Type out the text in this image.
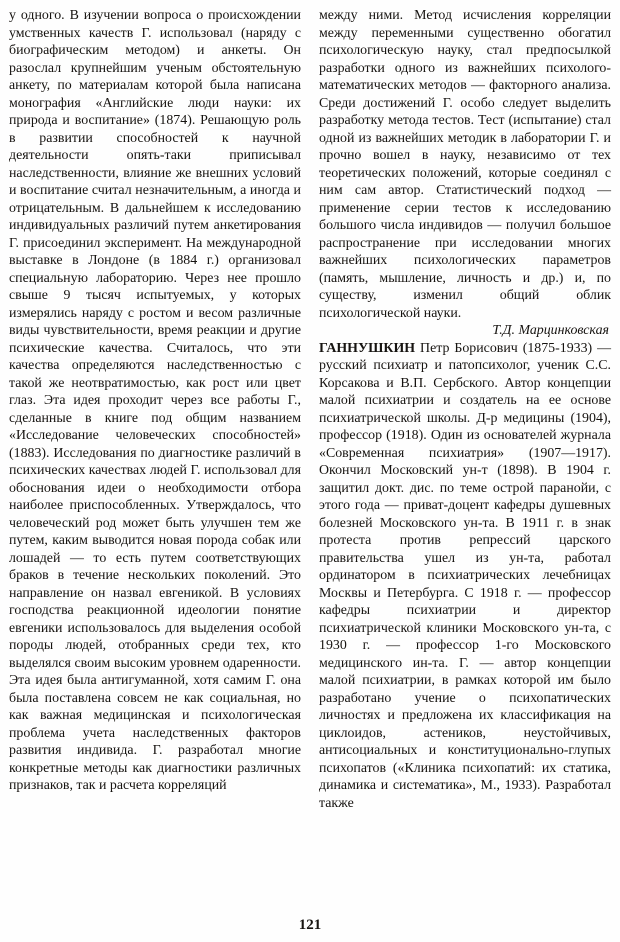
у одного. В изучении вопроса о происхождении умственных качеств Г. использовал (наряду с биографическим методом) и анкеты. Он разослал крупнейшим ученым обстоятельную анкету, по материалам которой была написана монография «Английские люди науки: их природа и воспитание» (1874). Решающую роль в развитии способностей к научной деятельности опять-таки приписывал наследственности, влияние же внешних условий и воспитание считал незначительным, а иногда и отрицательным. В дальнейшем к исследованию индивидуальных различий путем анкетирования Г. присоединил эксперимент. На международной выставке в Лондоне (в 1884 г.) организовал специальную лабораторию. Через нее прошло свыше 9 тысяч испытуемых, у которых измерялись наряду с ростом и весом различные виды чувствительности, время реакции и другие психические качества. Считалось, что эти качества определяются наследственностью с такой же неотвратимостью, как рост или цвет глаз. Эта идея проходит через все работы Г., сделанные в книге под общим названием «Исследование человеческих способностей» (1883). Исследования по диагностике различий в психических качествах людей Г. использовал для обоснования идеи о необходимости отбора наиболее приспособленных. Утверждалось, что человеческий род может быть улучшен тем же путем, каким выводится новая порода собак или лошадей — то есть путем соответствующих браков в течение нескольких поколений. Это направление он назвал евгеникой. В условиях господства реакционной идеологии понятие евгеники использовалось для выделения особой породы людей, отобранных среди тех, кто выделялся своим высоким уровнем одаренности. Эта идея была антигуманной, хотя самим Г. она была поставлена совсем не как социальная, но как важная медицинская и психологическая проблема учета наследственных факторов развития индивида. Г. разработал многие конкретные методы как диагностики различных признаков, так и расчета корреляций

между ними. Метод исчисления корреляции между переменными существенно обогатил психологическую науку, стал предпосылкой разработки одного из важнейших психолого-математических методов — факторного анализа. Среди достижений Г. особо следует выделить разработку метода тестов. Тест (испытание) стал одной из важнейших методик в лаборатории Г. и прочно вошел в науку, независимо от тех теоретических положений, которые соединял с ним сам автор. Статистический подход — применение серии тестов к исследованию большого числа индивидов — получил большое распространение при исследовании многих важнейших психологических параметров (память, мышление, личность и др.) и, по существу, изменил общий облик психологической науки.

Т.Д. Марцинковская

ГАННУШКИН Петр Борисович (1875-1933) — русский психиатр и патопсихолог, ученик С.С. Корсакова и В.П. Сербского. Автор концепции малой психиатрии и создатель на ее основе психиатрической школы. Д-р медицины (1904), профессор (1918). Один из основателей журнала «Современная психиатрия» (1907—1917). Окончил Московский ун-т (1898). В 1904 г. защитил докт. дис. по теме острой паранойи, с этого года — приват-доцент кафедры душевных болезней Московского ун-та. В 1911 г. в знак протеста против репрессий царского правительства ушел из ун-та, работал ординатором в психиатрических лечебницах Москвы и Петербурга. С 1918 г. — профессор кафедры психиатрии и директор психиатрической клиники Московского ун-та, с 1930 г. — профессор 1-го Московского медицинского ин-та. Г. — автор концепции малой психиатрии, в рамках которой им было разработано учение о психопатических личностях и предложена их классификация на циклоидов, астеников, неустойчивых, антисоциальных и конституционально-глупых психопатов («Клиника психопатий: их статика, динамика и систематика», М., 1933). Разработал также

121
